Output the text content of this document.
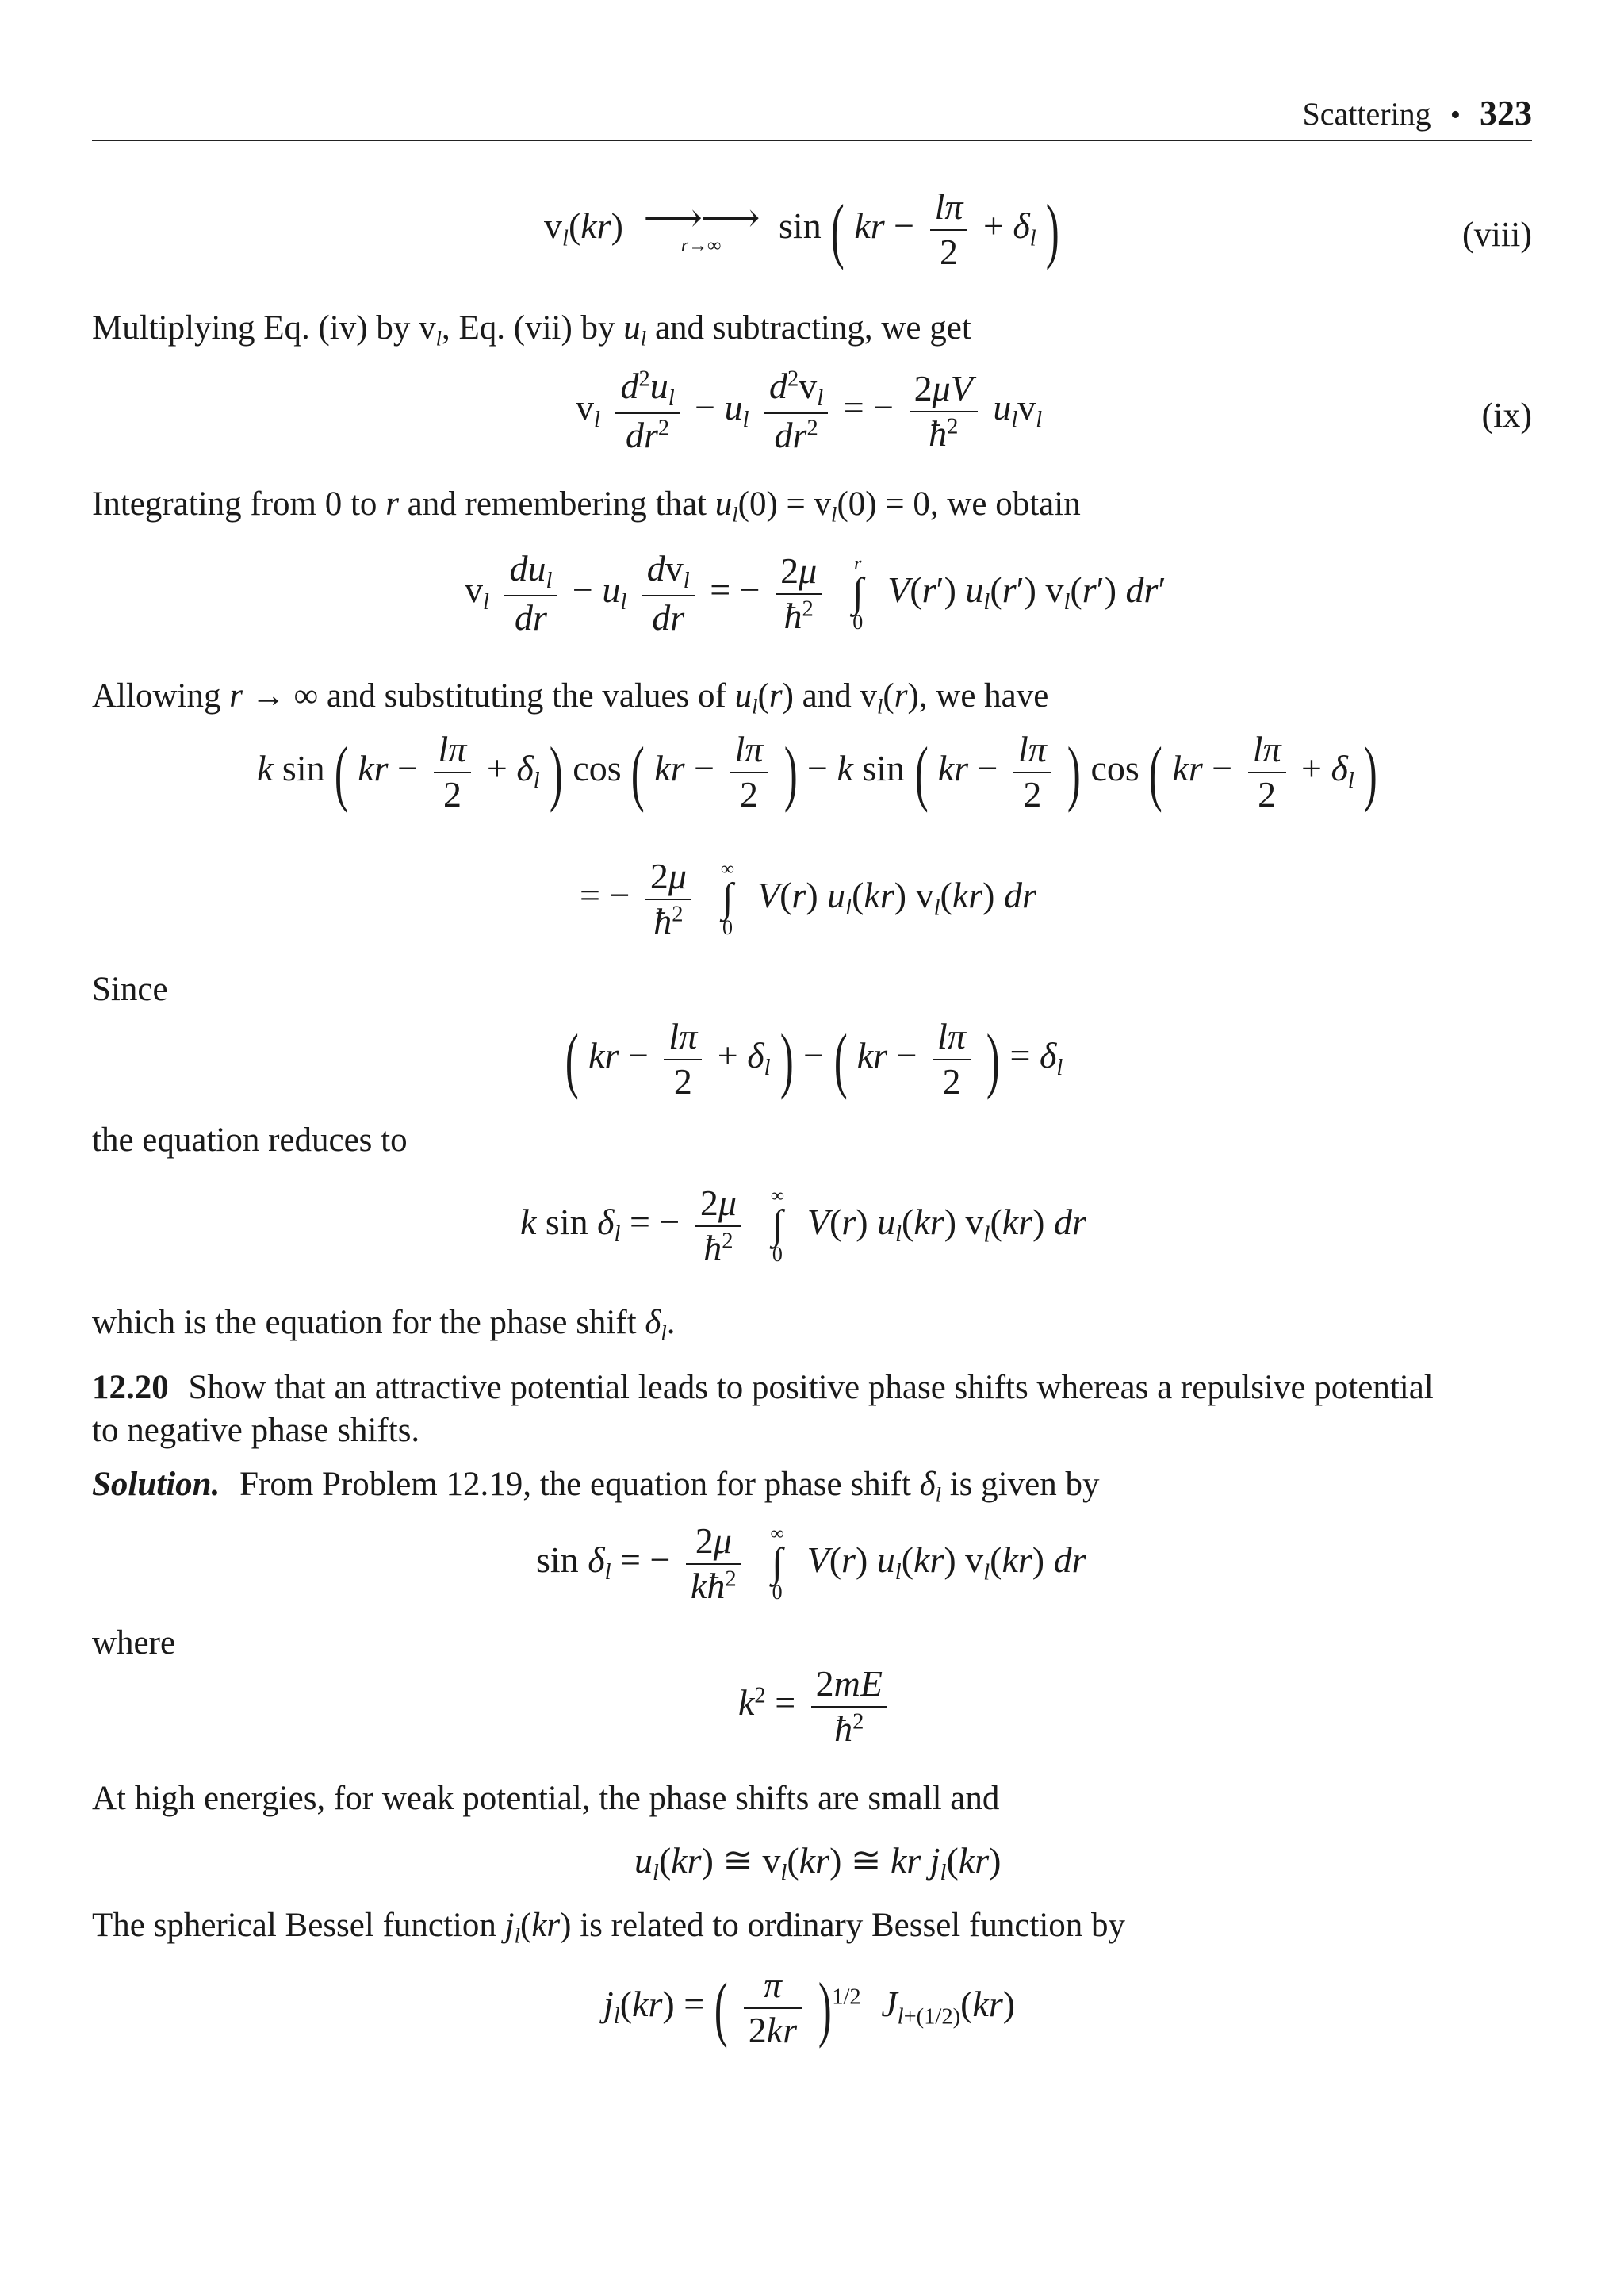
Scattering • 323
$v_l(kr)$ ⟶⟶
r→∞	sin ( kr − $\frac{l\pi}{2} + \delta_l$ )	(viii)
Multiplying Eq. (iv) by $v_l$, Eq. (vii) by $u_l$ and subtracting, we get
$v_l \frac{d^2u_l}{dr^2} - u_l \frac{d^2v_l}{dr^2}$ = − $\frac{2\mu V}{ħ^2} u_lv_l$	(ix)
Integrating from 0 to r and remembering that $u_l(0) = v_l(0) = 0$, we obtain
$v_l \frac{du_l}{dr} - u_l \frac{dv_l}{dr}$ = − $\frac{2\mu}{ħ^2}$
	r
∫
0
V(r′) $u_l(r')$ $v_l(r')$ dr′
Allowing r → ∞ and substituting the values of $u_l(r)$ and $v_l(r)$, we have
k sin ( kr − $\frac{l\pi}{2} + \delta_l$ ) cos ( kr − $\frac{l\pi}{2}$ ) − k sin ( kr − $\frac{l\pi}{2}$ ) cos ( kr − $\frac{l\pi}{2} + \delta_l$ )
= − $\frac{2\mu}{ħ^2}$
	∞
∫
0
V(r) $u_l(kr)$ $v_l(kr)$ dr
Since
( kr − $\frac{l\pi}{2} + \delta_l$ ) − ( kr − $\frac{l\pi}{2}$ ) = $\delta_l$
the equation reduces to
k $\sin \delta_l$ = − $\frac{2\mu}{ħ^2}$
	∞
∫
0
V(r) $u_l(kr)$ $v_l(kr)$ dr
which is the equation for the phase shift $\delta_l$.
12.20 Show that an attractive potential leads to positive phase shifts whereas a repulsive potential
to negative phase shifts.
Solution. From Problem 12.19, the equation for phase shift $\delta_l$ is given by
$\sin \delta_l$ = − $\frac{2\mu}{kħ^2}$
	∞
∫
0
V(r) $u_l(kr)$ $v_l(kr)$ dr
where
$k^2 = \frac{2mE}{ħ^2}$
At high energies, for weak potential, the phase shifts are small and
$u_l(kr)$ ≅ $v_l(kr)$ ≅ kr $j_l(kr)$
The spherical Bessel function $j_l(kr)$ is related to ordinary Bessel function by
$j_l(kr)$ = ( $\frac{\pi}{2kr} )^{1/2}$ $J_{l+(1/2)}(kr)$
